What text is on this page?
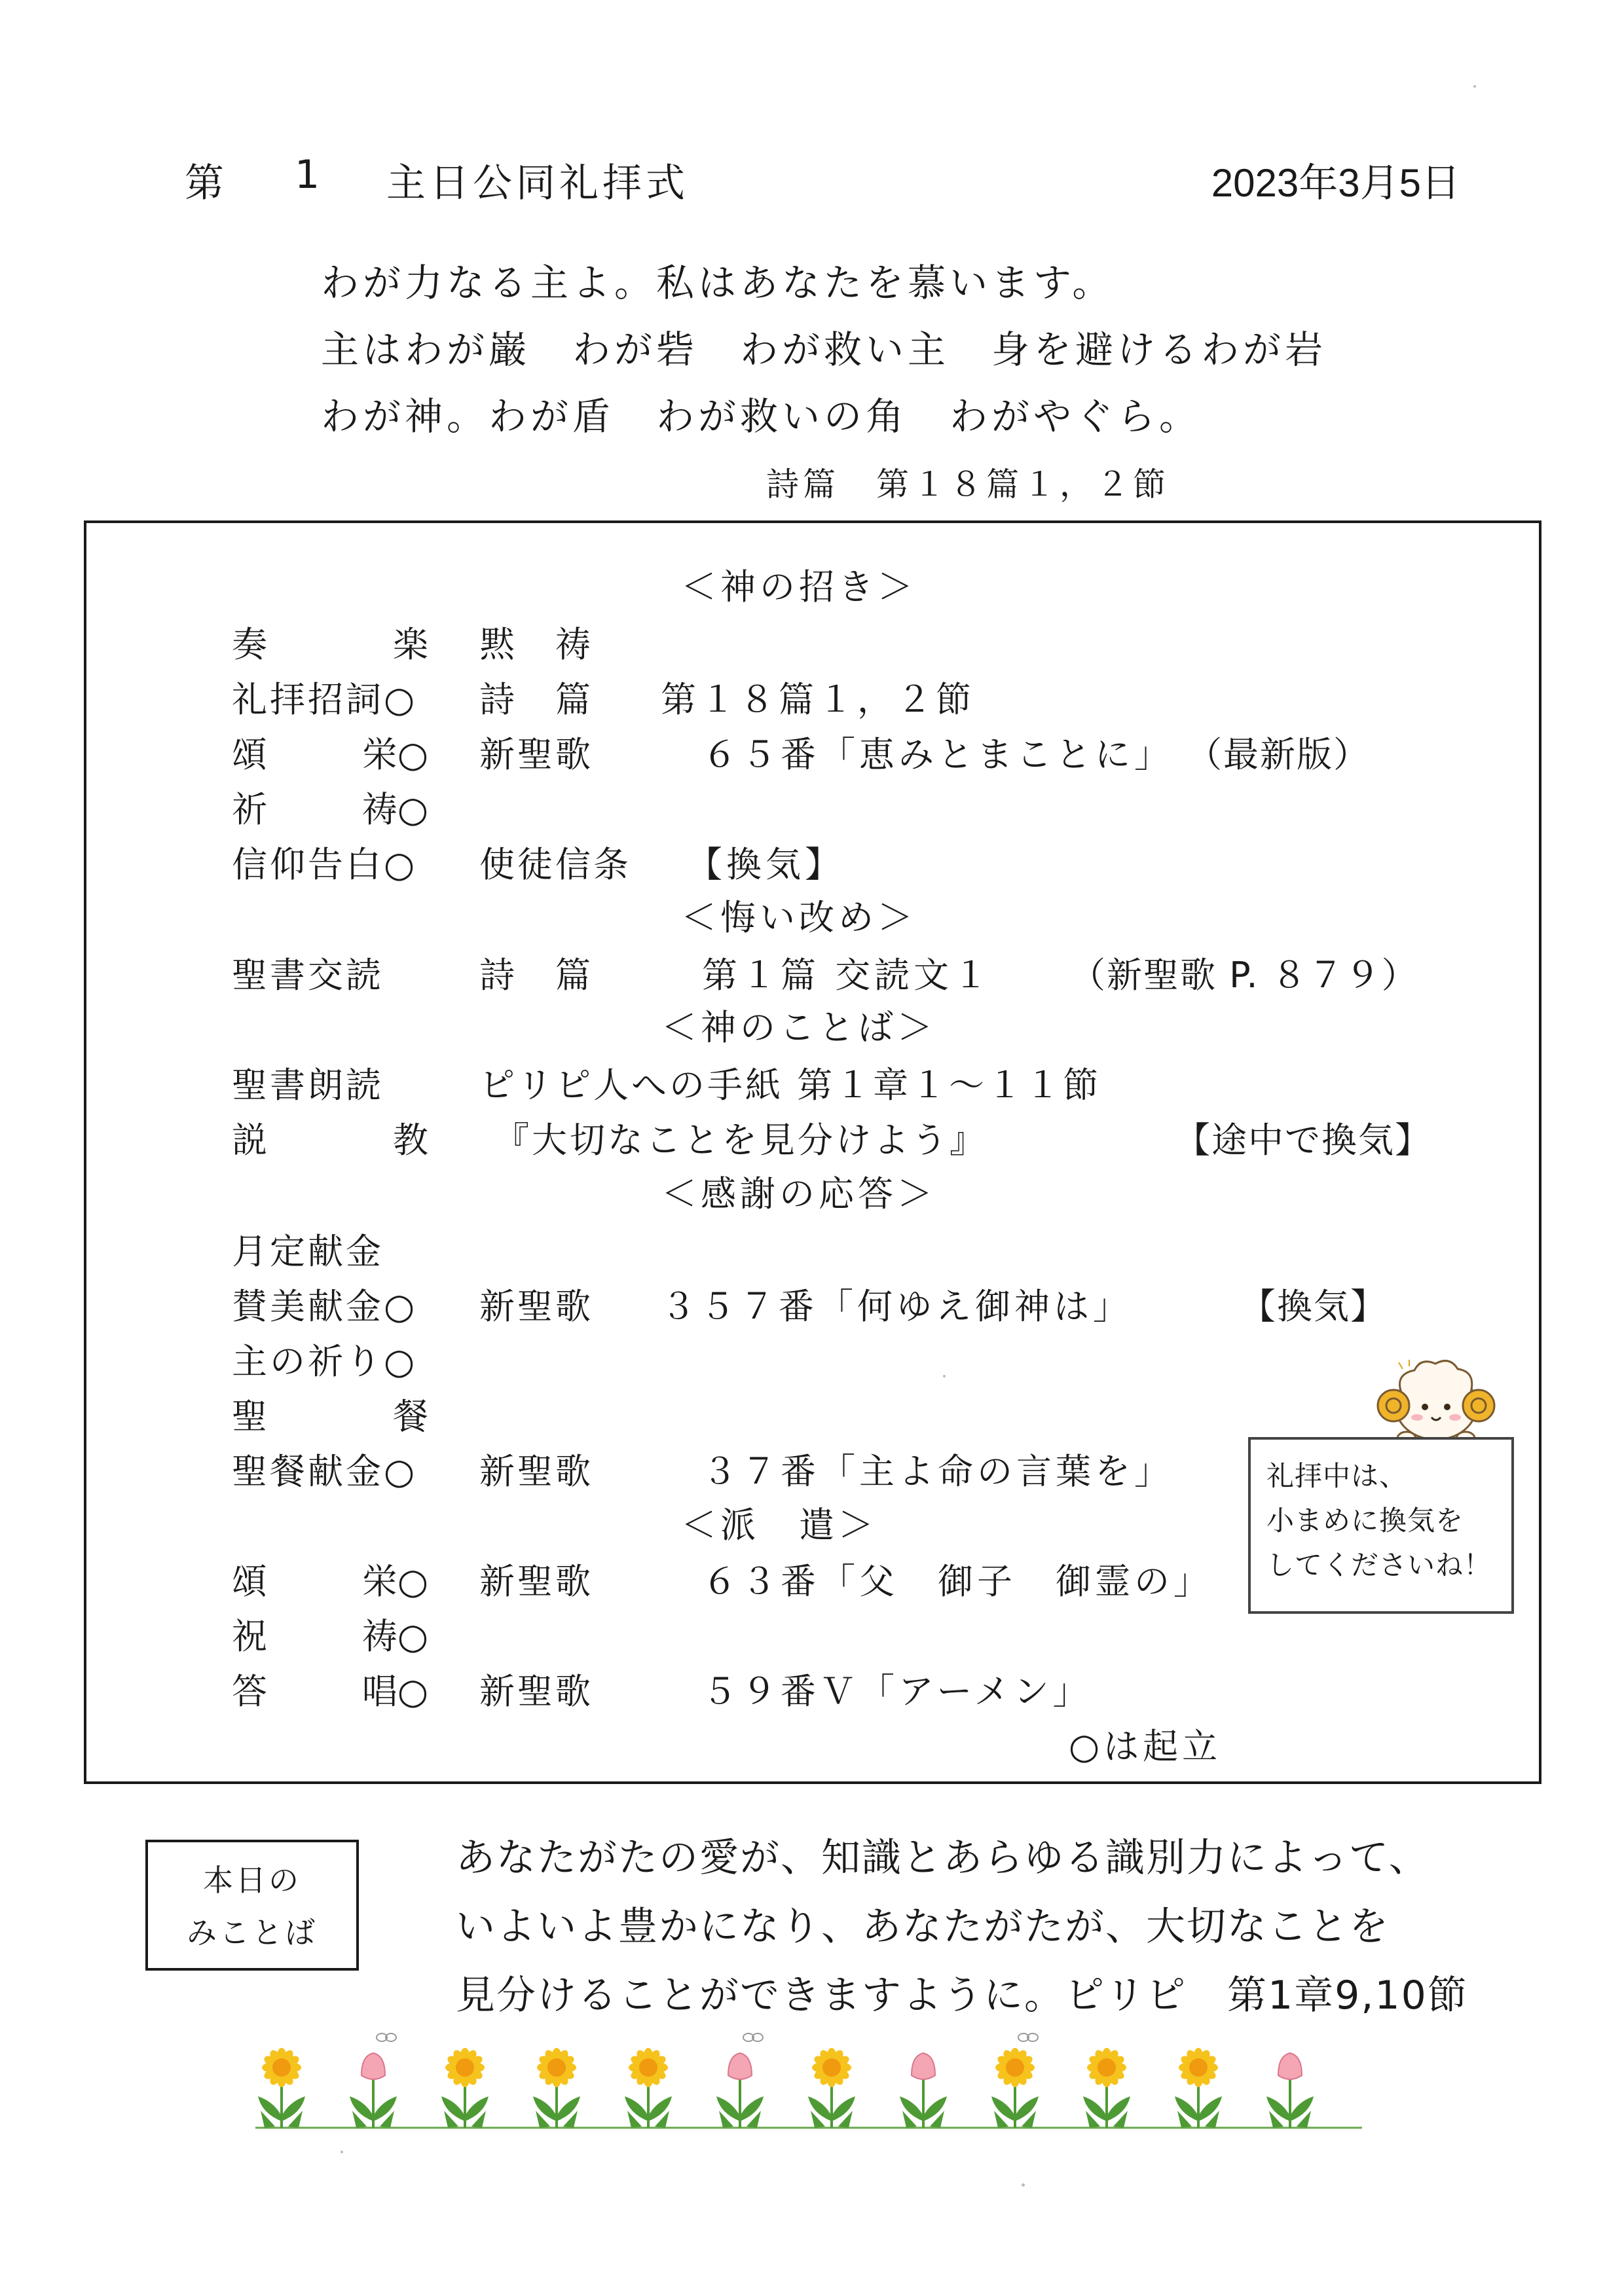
第 1 主日公同礼拝式	2023年3月5日
わが力なる主よ。私はあなたを慕います。
主はわが巌　わが砦　わが救い主　身を避けるわが岩
わが神。わが盾　わが救いの角　わがやぐら。
詩篇　第１８篇１，２節
＜神の招き＞
奏	楽 黙　祷
礼拝招詞○	詩　篇 第１８篇１，２節
頌	栄○ 新聖歌	６５番「恵みとまことに」 （最新版）
祈	祷○
信仰告白○	使徒信条 【換気】
＜悔い改め＞
聖書交読	詩　篇	第１篇 交読文１ （新聖歌 P. ８７９）
＜神のことば＞
聖書朗読	ピリピ人への手紙 第１章１～１１節
説	教 『大切なことを見分けよう』	【途中で換気】
＜感謝の応答＞
月定献金
賛美献金○	新聖歌 ３５７番「何ゆえ御神は」	【換気】
主の祈り○
聖	餐
聖餐献金○	新聖歌	３７番「主よ命の言葉を」
＜派　遣＞
頌	栄○ 新聖歌	６３番「父　御子　御霊の」
祝	祷○
答	唱○ 新聖歌	５９番Ｖ「アーメン」
○は起立
礼拝中は、
小まめに換気を
してくださいね！
本日の
みことば
あなたがたの愛が、知識とあらゆる識別力によって、
いよいよ豊かになり、あなたがたが、大切なことを
見分けることができますように。ピリピ　第1章9,10節
